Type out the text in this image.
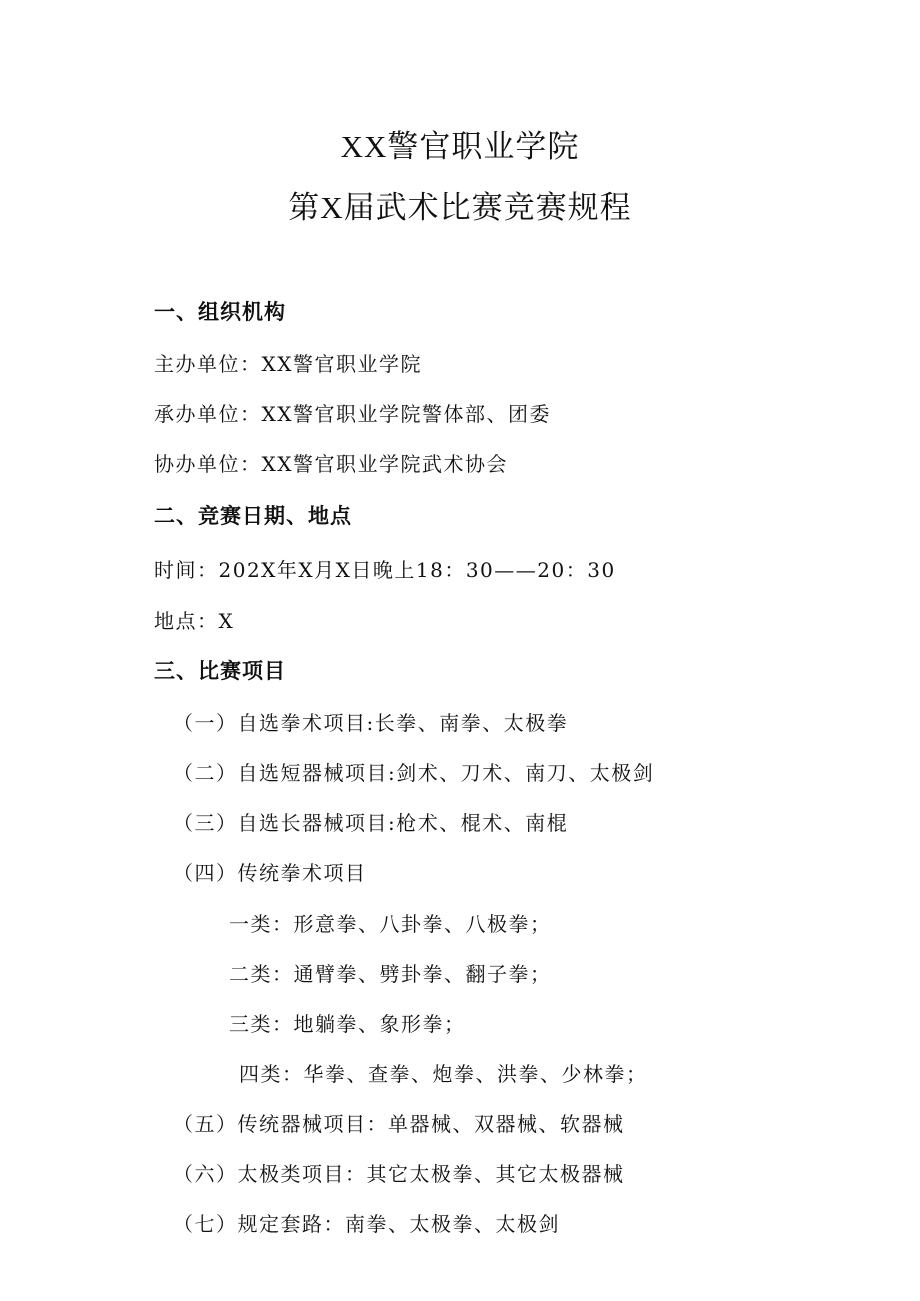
XX警官职业学院
第X届武术比赛竞赛规程
一、组织机构
主办单位：XX警官职业学院
承办单位：XX警官职业学院警体部、团委
协办单位：XX警官职业学院武术协会
二、竞赛日期、地点
时间：202X年X月X日晚上18：30——20：30
地点：X
三、比赛项目
（一）自选拳术项目:长拳、南拳、太极拳
（二）自选短器械项目:剑术、刀术、南刀、太极剑
（三）自选长器械项目:枪术、棍术、南棍
（四）传统拳术项目
一类：形意拳、八卦拳、八极拳；
二类：通臂拳、劈卦拳、翻子拳；
三类：地躺拳、象形拳；
四类：华拳、查拳、炮拳、洪拳、少林拳；
（五）传统器械项目：单器械、双器械、软器械
（六）太极类项目：其它太极拳、其它太极器械
（七）规定套路：南拳、太极拳、太极剑
